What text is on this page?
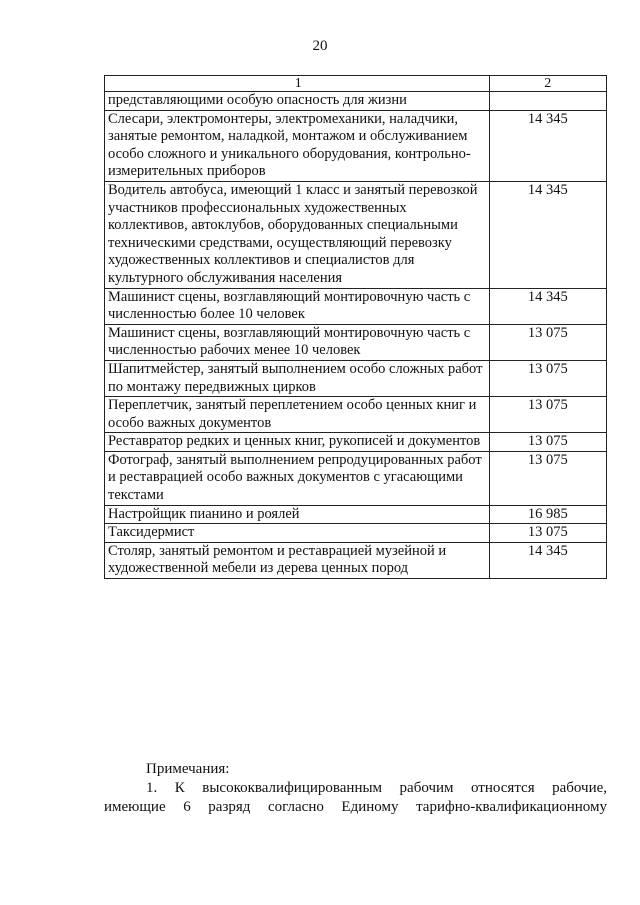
20
1	2
представляющими особую опасность для жизни	
Слесари, электромонтеры, электромеханики, наладчики, занятые ремонтом, наладкой, монтажом и обслуживанием особо сложного и уникального оборудования, контрольно-измерительных приборов	14 345
Водитель автобуса, имеющий 1 класс и занятый перевозкой участников профессиональных художественных коллективов, автоклубов, оборудованных специальными техническими средствами, осуществляющий перевозку художественных коллективов и специалистов для культурного обслуживания населения	14 345
Машинист сцены, возглавляющий монтировочную часть с численностью более 10 человек	14 345
Машинист сцены, возглавляющий монтировочную часть с численностью рабочих менее 10 человек	13 075
Шапитмейстер, занятый выполнением особо сложных работ по монтажу передвижных цирков	13 075
Переплетчик, занятый переплетением особо ценных книг и особо важных документов	13 075
Реставратор редких и ценных книг, рукописей и документов	13 075
Фотограф, занятый выполнением репродуцированных работ и реставрацией особо важных документов с угасающими текстами	13 075
Настройщик пианино и роялей	16 985
Таксидермист	13 075
Столяр, занятый ремонтом и реставрацией музейной и художественной мебели из дерева ценных пород	14 345
Примечания:
1. К высококвалифицированным рабочим относятся рабочие,
имеющие 6 разряд согласно Единому тарифно-квалификационному
